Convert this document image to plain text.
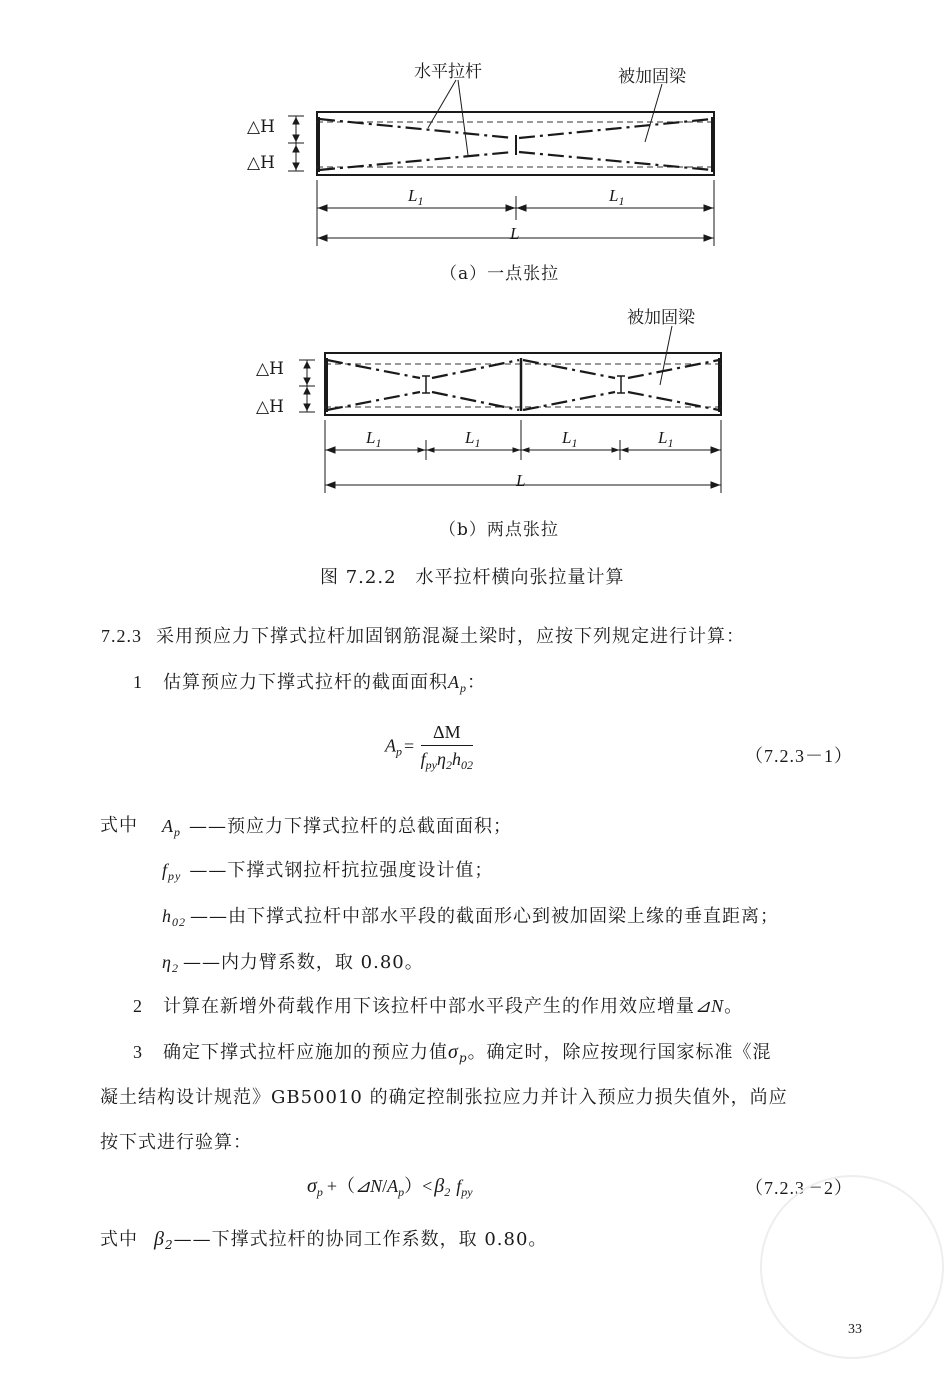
水平拉杆	被加固梁
△H
△H
$L_1$	$L_1$
L
（a）一点张拉
被加固梁
△H
△H
$L_1$	$L_1$	$L_1$	$L_1$
L
（b）两点张拉
图 7.2.2　水平拉杆横向张拉量计算
7.2.3 采用预应力下撑式拉杆加固钢筋混凝土梁时，应按下列规定进行计算：
1 估算预应力下撑式拉杆的截面面积$A_p$：
$A_p = \frac{\Delta M}{f_{py}\eta_2h_{02}}$	（7.2.3－1）
式中 $A_p$ ——预应力下撑式拉杆的总截面面积；
$f_{py}$ ——下撑式钢拉杆抗拉强度设计值；
$h_{02}$ ——由下撑式拉杆中部水平段的截面形心到被加固梁上缘的垂直距离；
$\eta_2$ ——内力臂系数，取 0.80。
2 计算在新增外荷载作用下该拉杆中部水平段产生的作用效应增量⊿N。
3 确定下撑式拉杆应施加的预应力值$\sigma_p$。确定时，除应按现行国家标准《混
凝土结构设计规范》GB50010 的确定控制张拉应力并计入预应力损失值外，尚应
按下式进行验算：
$\sigma_p$ $+(⊿N/A_p)< \beta_2$ $f_{py}$	（7.2.3－2）
式中 $\beta_2——$下撑式拉杆的协同工作系数，取 0.80。
33
